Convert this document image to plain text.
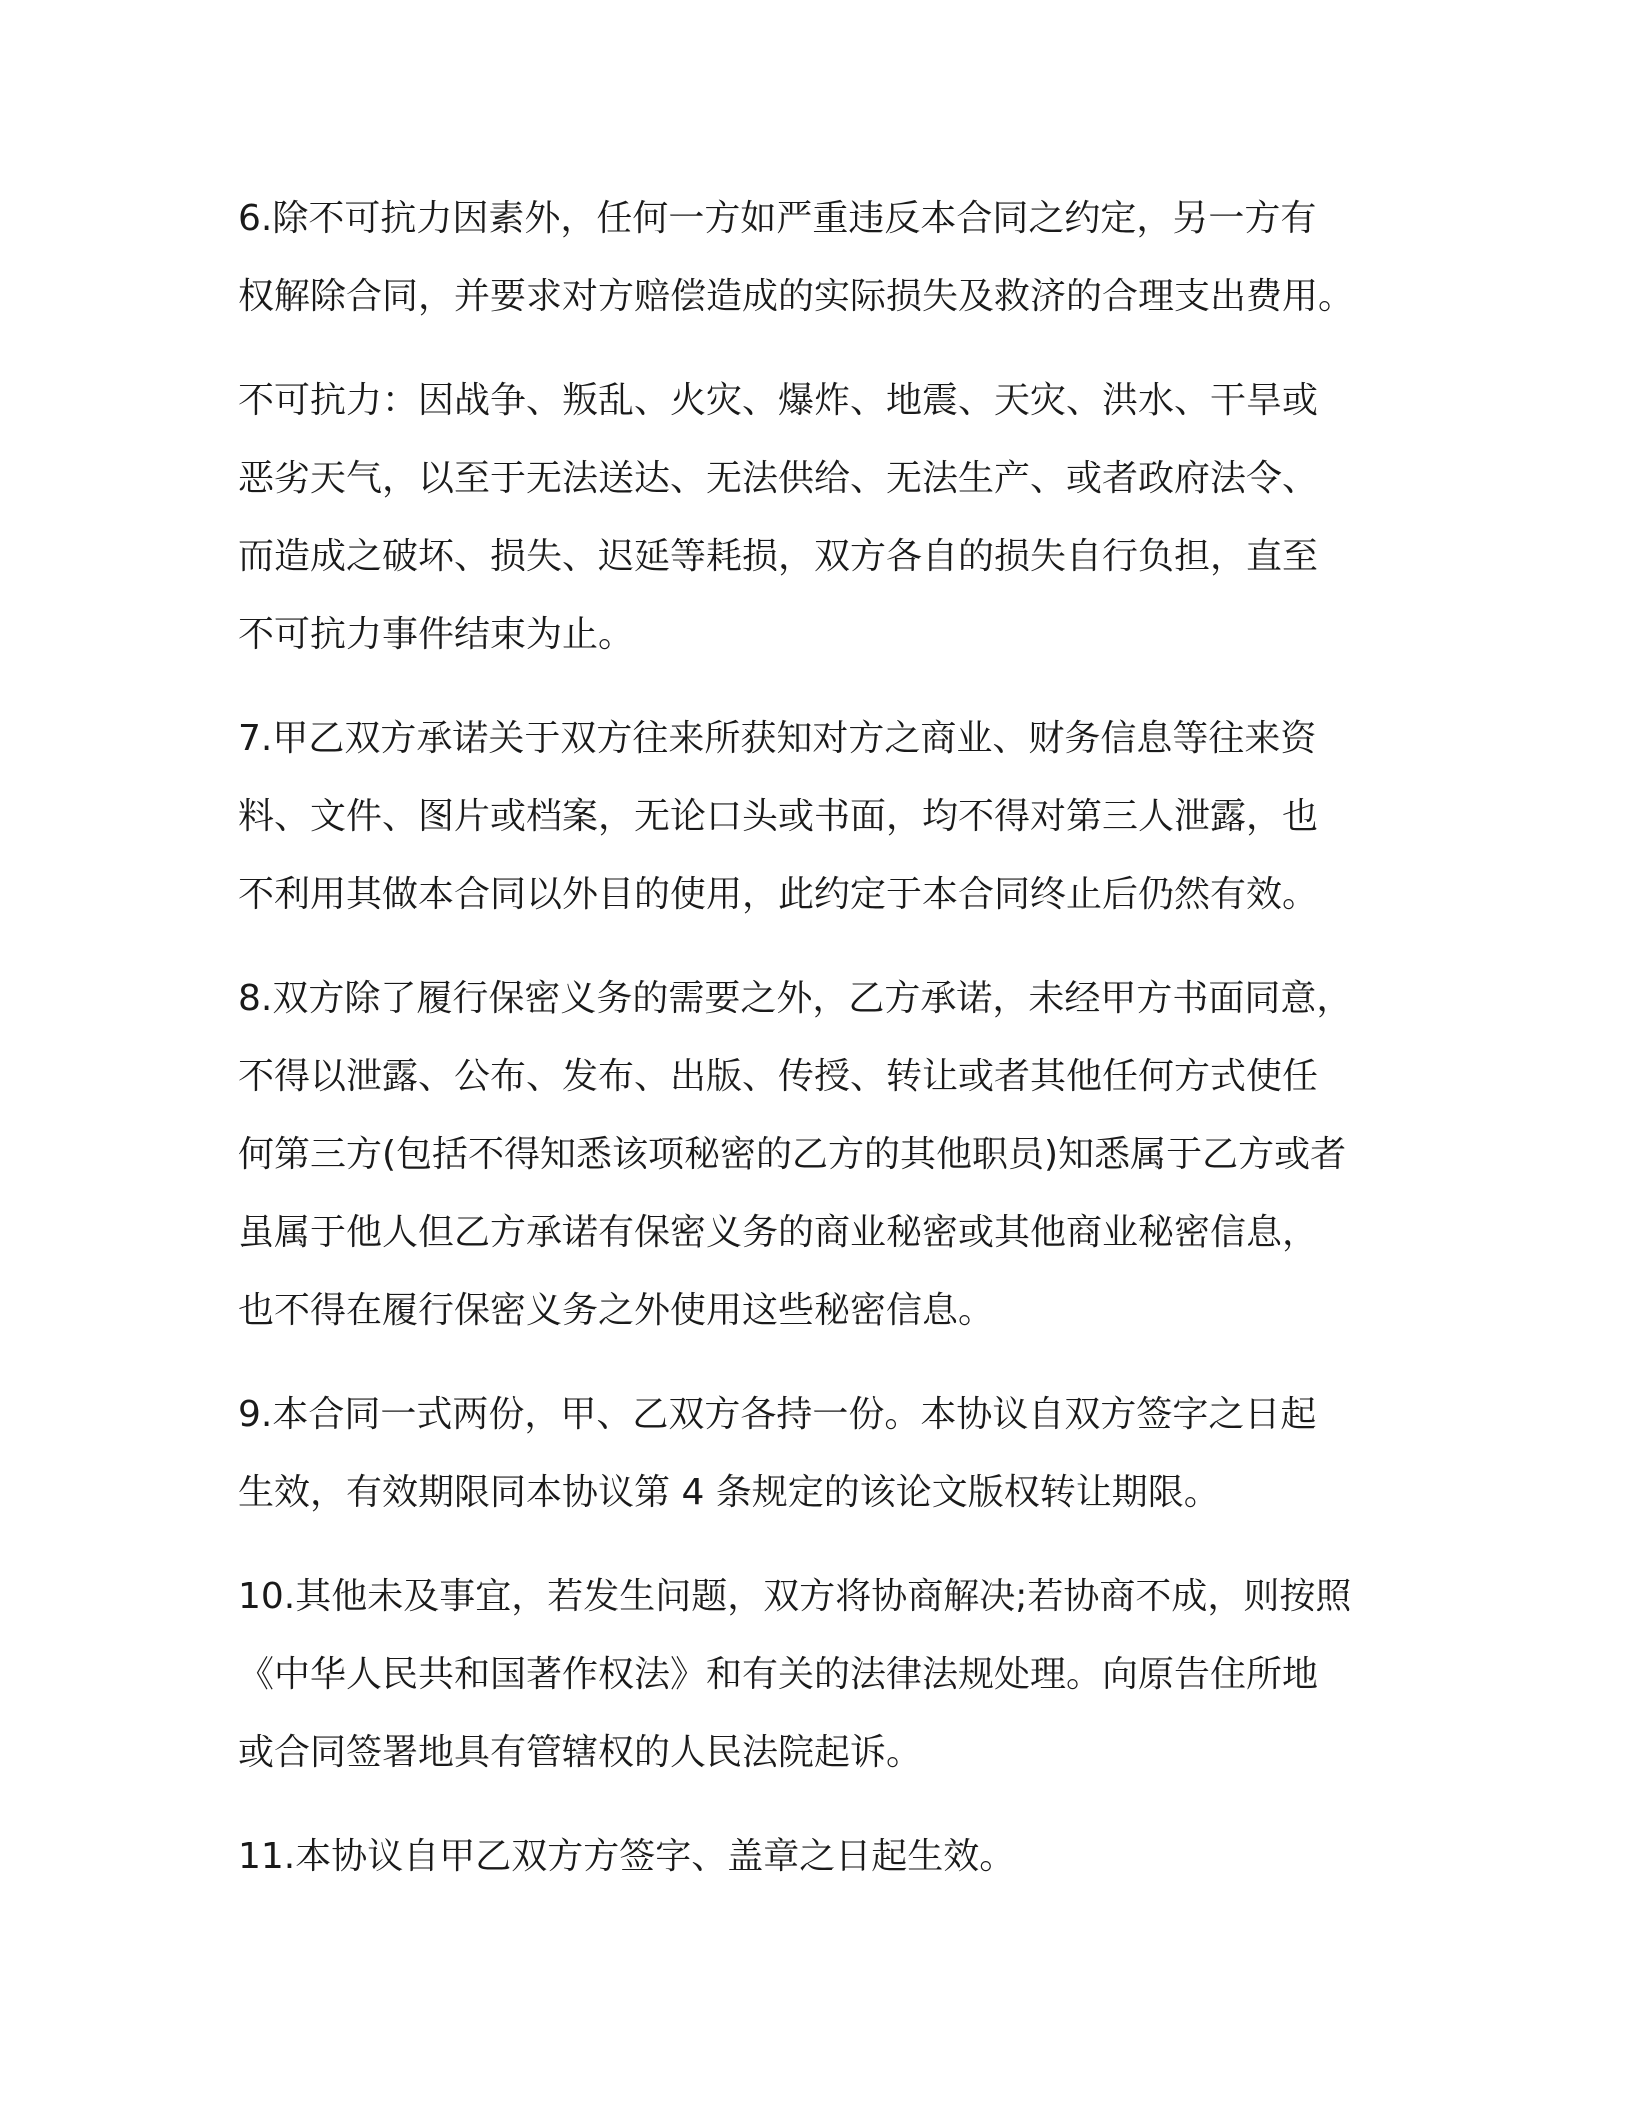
6.除不可抗力因素外，任何一方如严重违反本合同之约定，另一方有
权解除合同，并要求对方赔偿造成的实际损失及救济的合理支出费用。

不可抗力：因战争、叛乱、火灾、爆炸、地震、天灾、洪水、干旱或
恶劣天气，以至于无法送达、无法供给、无法生产、或者政府法令、
而造成之破坏、损失、迟延等耗损，双方各自的损失自行负担，直至
不可抗力事件结束为止。

7.甲乙双方承诺关于双方往来所获知对方之商业、财务信息等往来资
料、文件、图片或档案，无论口头或书面，均不得对第三人泄露，也
不利用其做本合同以外目的使用，此约定于本合同终止后仍然有效。

8.双方除了履行保密义务的需要之外，乙方承诺，未经甲方书面同意，
不得以泄露、公布、发布、出版、传授、转让或者其他任何方式使任
何第三方(包括不得知悉该项秘密的乙方的其他职员)知悉属于乙方或者
虽属于他人但乙方承诺有保密义务的商业秘密或其他商业秘密信息，
也不得在履行保密义务之外使用这些秘密信息。

9.本合同一式两份，甲、乙双方各持一份。本协议自双方签字之日起
生效，有效期限同本协议第 4 条规定的该论文版权转让期限。

10.其他未及事宜，若发生问题，双方将协商解决;若协商不成，则按照
《中华人民共和国著作权法》和有关的法律法规处理。向原告住所地
或合同签署地具有管辖权的人民法院起诉。

11.本协议自甲乙双方方签字、盖章之日起生效。
